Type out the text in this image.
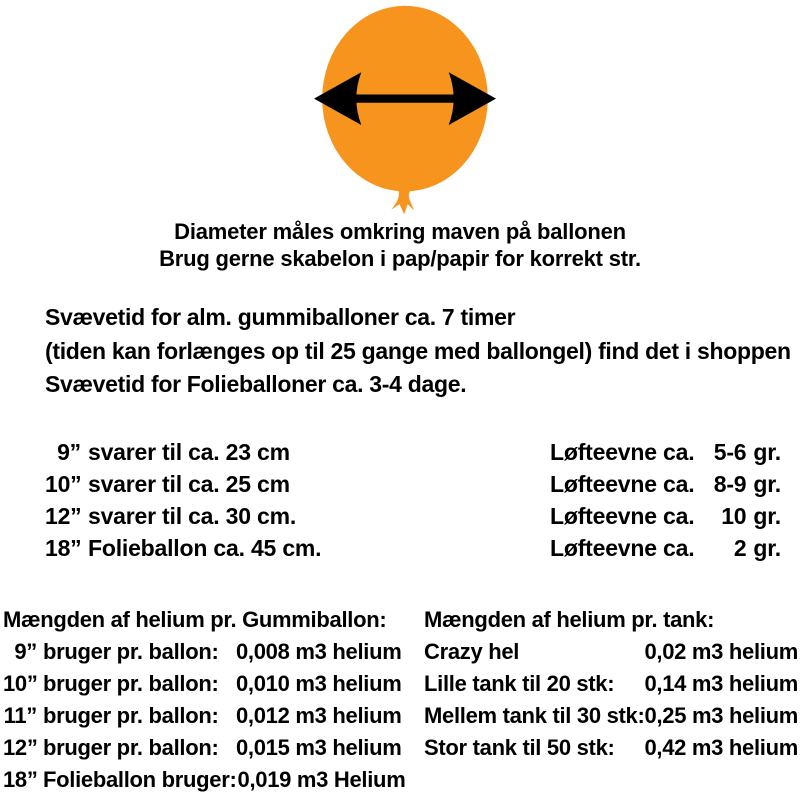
Diameter måles omkring maven på ballonen
Brug gerne skabelon i pap/papir for korrekt str.
Svævetid for alm. gummiballoner ca. 7 timer
(tiden kan forlænges op til 25 gange med ballongel) find det i shoppen
Svævetid for Folieballoner ca. 3-4 dage.
9” svarer til ca. 23 cm	Løfteevne ca. 5-6 gr.
10” svarer til ca. 25 cm	Løfteevne ca. 8-9 gr.
12” svarer til ca. 30 cm.	Løfteevne ca. 10 gr.
18” Folieballon ca. 45 cm.	Løfteevne ca. 2 gr.
Mængden af helium pr. Gummiballon:
9” bruger pr. ballon: 0,008 m3 helium
10” bruger pr. ballon: 0,010 m3 helium
11” bruger pr. ballon: 0,012 m3 helium
12” bruger pr. ballon: 0,015 m3 helium
18” Folieballon bruger:0,019 m3 Helium
Mængden af helium pr. tank:
Crazy hel	0,02 m3 helium
Lille tank til 20 stk: 0,14 m3 helium
Mellem tank til 30 stk: 0,25 m3 helium
Stor tank til 50 stk: 0,42 m3 helium
